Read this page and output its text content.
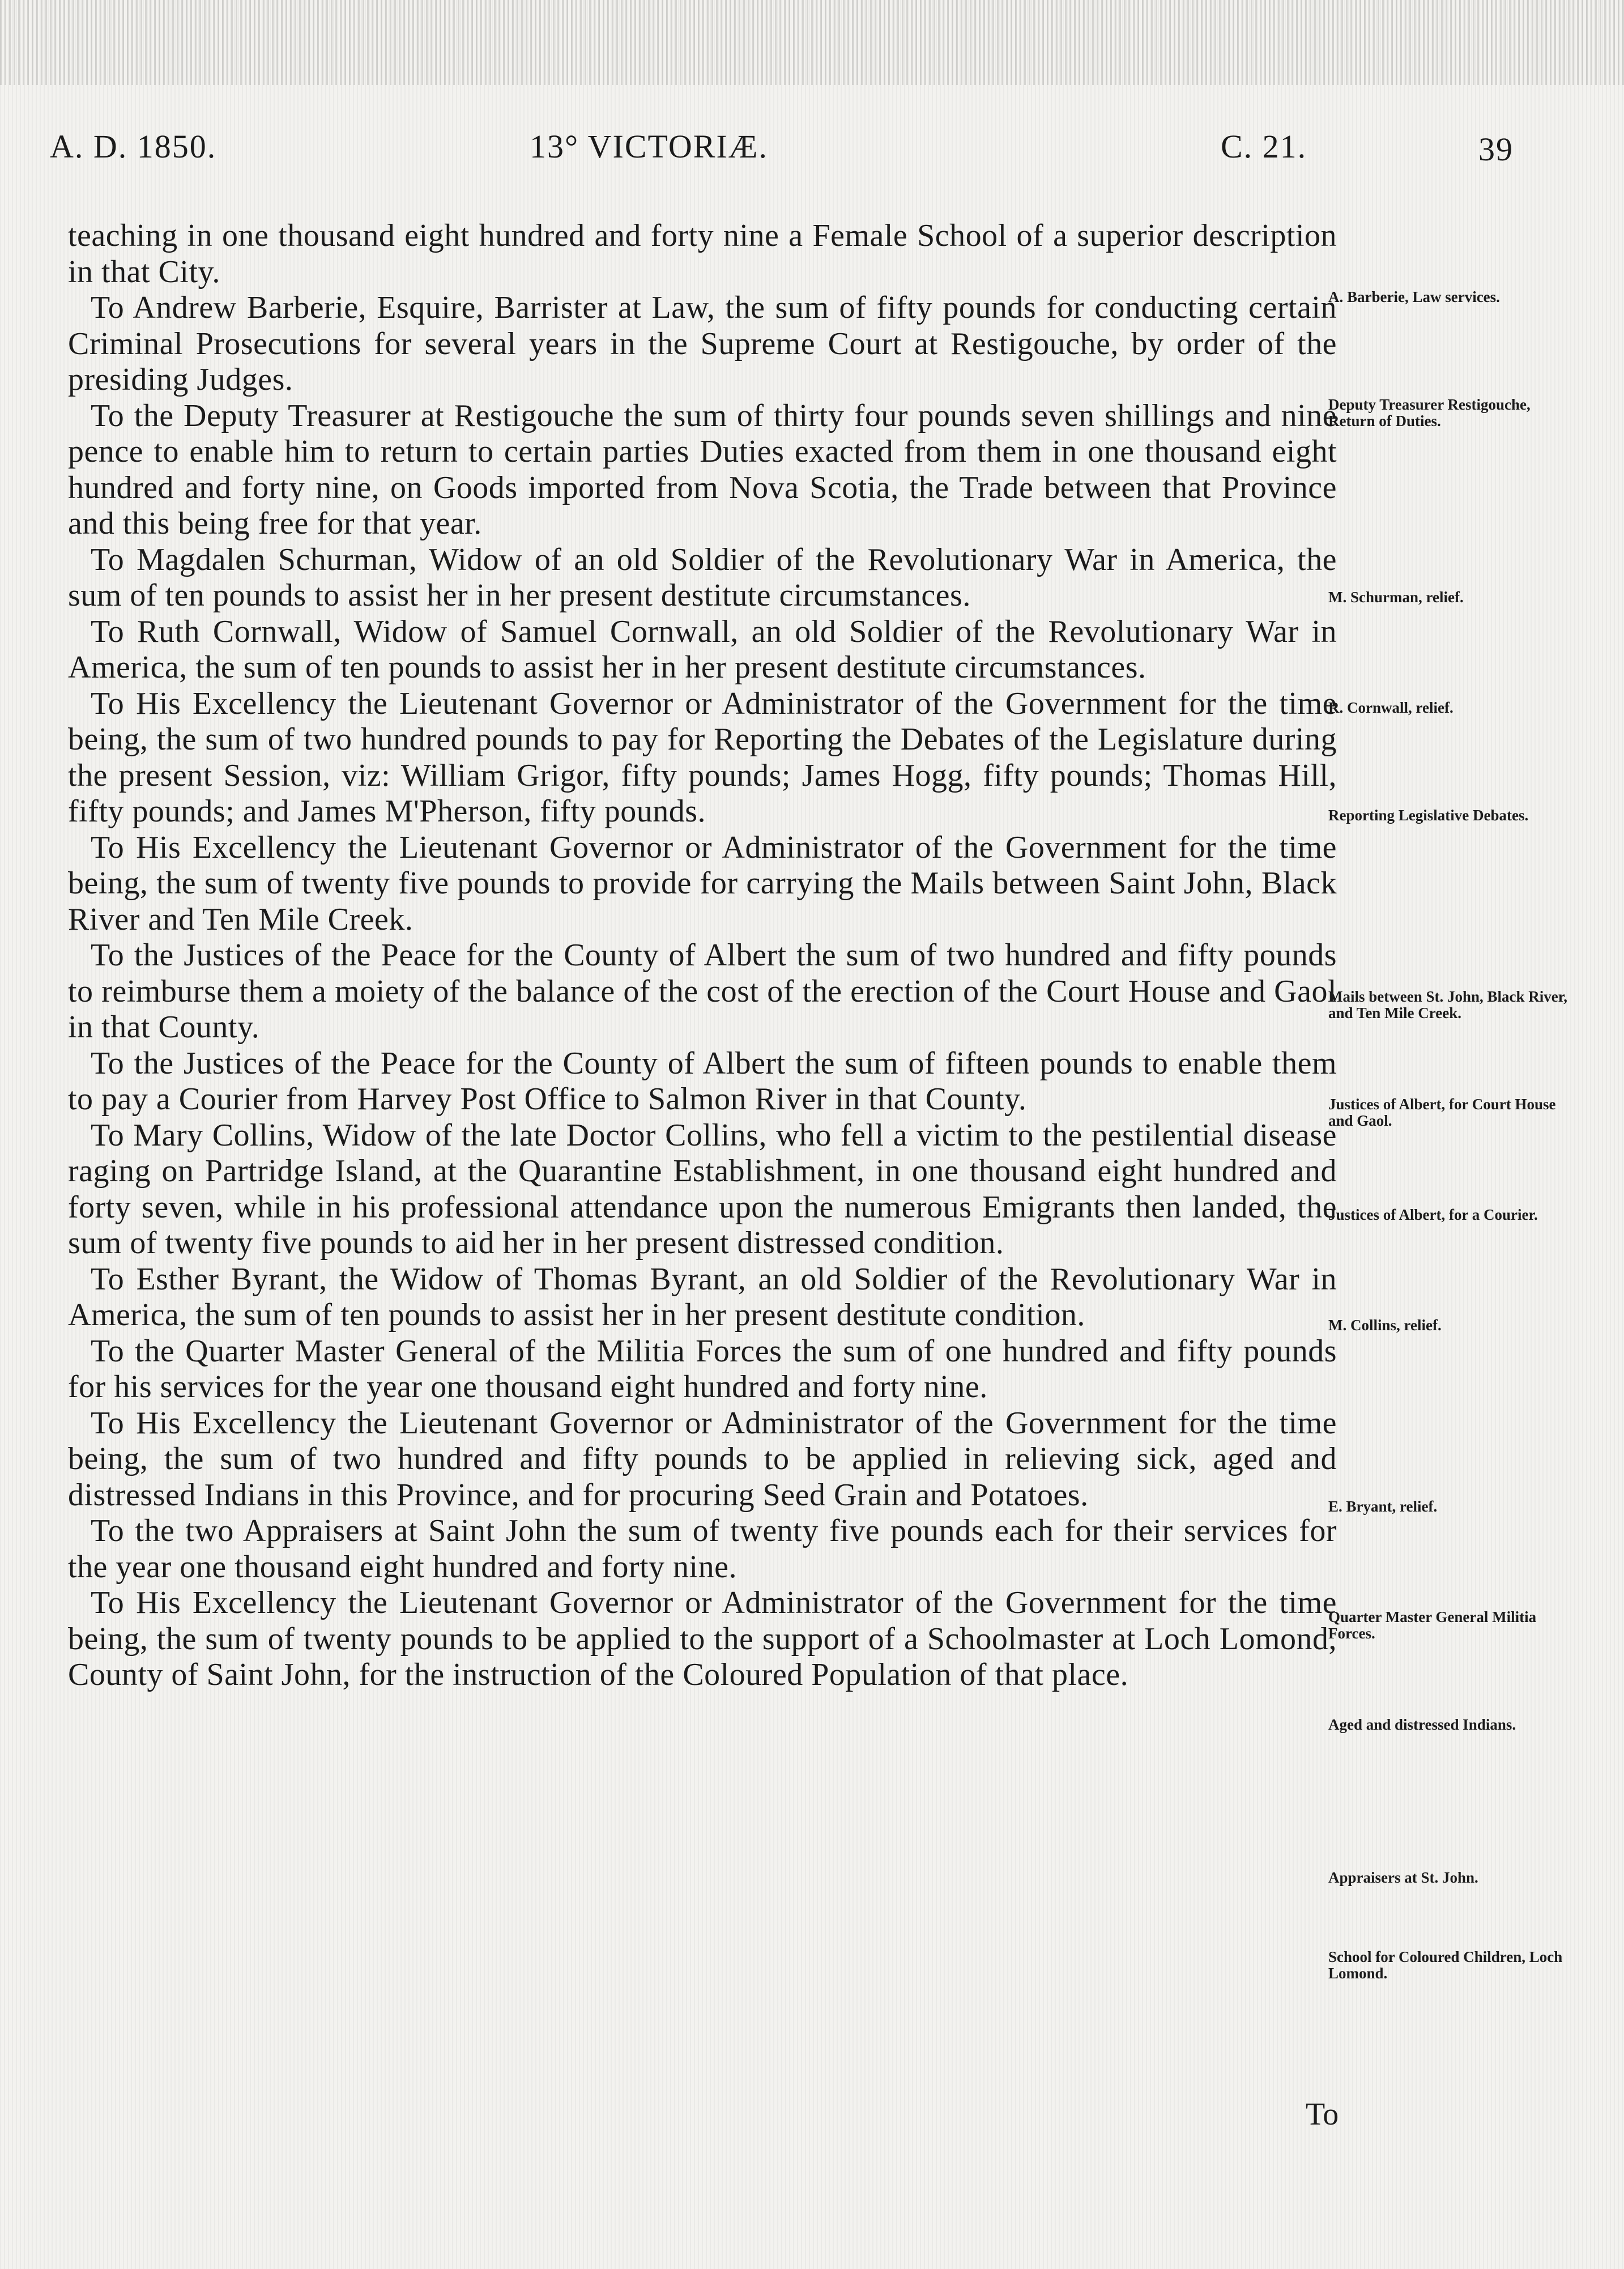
A. D. 1850.	13° VICTORIÆ.	C. 21.	39

teaching in one thousand eight hundred and forty nine a Female School of a superior description in that City.

To Andrew Barberie, Esquire, Barrister at Law, the sum of fifty pounds for conducting certain Criminal Prosecutions for several years in the Supreme Court at Restigouche, by order of the presiding Judges.

To the Deputy Treasurer at Restigouche the sum of thirty four pounds seven shillings and nine pence to enable him to return to certain parties Duties exacted from them in one thousand eight hundred and forty nine, on Goods imported from Nova Scotia, the Trade between that Province and this being free for that year.

To Magdalen Schurman, Widow of an old Soldier of the Revolutionary War in America, the sum of ten pounds to assist her in her present destitute circumstances.

To Ruth Cornwall, Widow of Samuel Cornwall, an old Soldier of the Revolutionary War in America, the sum of ten pounds to assist her in her present destitute circumstances.

To His Excellency the Lieutenant Governor or Administrator of the Government for the time being, the sum of two hundred pounds to pay for Reporting the Debates of the Legislature during the present Session, viz: William Grigor, fifty pounds; James Hogg, fifty pounds; Thomas Hill, fifty pounds; and James M'Pherson, fifty pounds.

To His Excellency the Lieutenant Governor or Administrator of the Government for the time being, the sum of twenty five pounds to provide for carrying the Mails between Saint John, Black River and Ten Mile Creek.

To the Justices of the Peace for the County of Albert the sum of two hundred and fifty pounds to reimburse them a moiety of the balance of the cost of the erection of the Court House and Gaol in that County.

To the Justices of the Peace for the County of Albert the sum of fifteen pounds to enable them to pay a Courier from Harvey Post Office to Salmon River in that County.

To Mary Collins, Widow of the late Doctor Collins, who fell a victim to the pestilential disease raging on Partridge Island, at the Quarantine Establishment, in one thousand eight hundred and forty seven, while in his professional attendance upon the numerous Emigrants then landed, the sum of twenty five pounds to aid her in her present distressed condition.

To Esther Byrant, the Widow of Thomas Byrant, an old Soldier of the Revolutionary War in America, the sum of ten pounds to assist her in her present destitute condition.

To the Quarter Master General of the Militia Forces the sum of one hundred and fifty pounds for his services for the year one thousand eight hundred and forty nine.

To His Excellency the Lieutenant Governor or Administrator of the Government for the time being, the sum of two hundred and fifty pounds to be applied in relieving sick, aged and distressed Indians in this Province, and for procuring Seed Grain and Potatoes.

To the two Appraisers at Saint John the sum of twenty five pounds each for their services for the year one thousand eight hundred and forty nine.

To His Excellency the Lieutenant Governor or Administrator of the Government for the time being, the sum of twenty pounds to be applied to the support of a Schoolmaster at Loch Lomond, County of Saint John, for the instruction of the Coloured Population of that place.

A. Barberie, Law services.
Deputy Treasurer Restigouche, Return of Duties.
M. Schurman, relief.
R. Cornwall, relief.
Reporting Legislative Debates.
Mails between St. John, Black River, and Ten Mile Creek.
Justices of Albert, for Court House and Gaol.
Justices of Albert, for a Courier.
M. Collins, relief.
E. Bryant, relief.
Quarter Master General Militia Forces.
Aged and distressed Indians.
Appraisers at St. John.
School for Coloured Children, Loch Lomond.
To
